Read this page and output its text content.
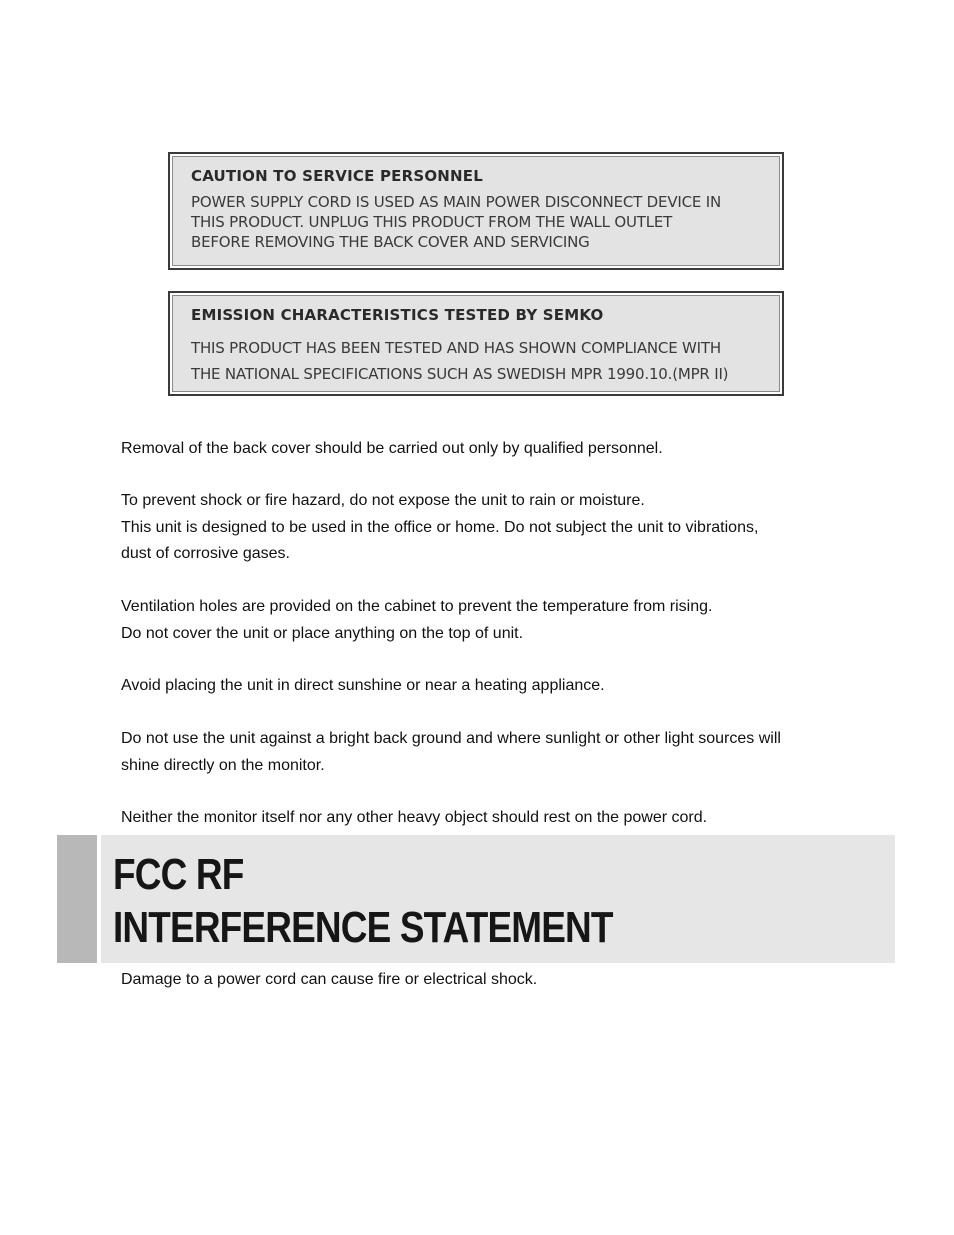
CAUTION TO SERVICE PERSONNEL
POWER SUPPLY CORD IS USED AS MAIN POWER DISCONNECT DEVICE IN
THIS PRODUCT. UNPLUG THIS PRODUCT FROM THE WALL OUTLET
BEFORE REMOVING THE BACK COVER AND SERVICING
EMISSION CHARACTERISTICS TESTED BY SEMKO
THIS PRODUCT HAS BEEN TESTED AND HAS SHOWN COMPLIANCE WITH
THE NATIONAL SPECIFICATIONS SUCH AS SWEDISH MPR 1990.10.(MPR II)
Removal of the back cover should be carried out only by qualified personnel.
To prevent shock or fire hazard, do not expose the unit to rain or moisture.
This unit is designed to be used in the office or home. Do not subject the unit to vibrations,
dust of corrosive gases.
Ventilation holes are provided on the cabinet to prevent the temperature from rising.
Do not cover the unit or place anything on the top of unit.
Avoid placing the unit in direct sunshine or near a heating appliance.
Do not use the unit against a bright back ground and where sunlight or other light sources will
shine directly on the monitor.
Neither the monitor itself nor any other heavy object should rest on the power cord.
FCC RF
INTERFERENCE STATEMENT
Damage to a power cord can cause fire or electrical shock.
